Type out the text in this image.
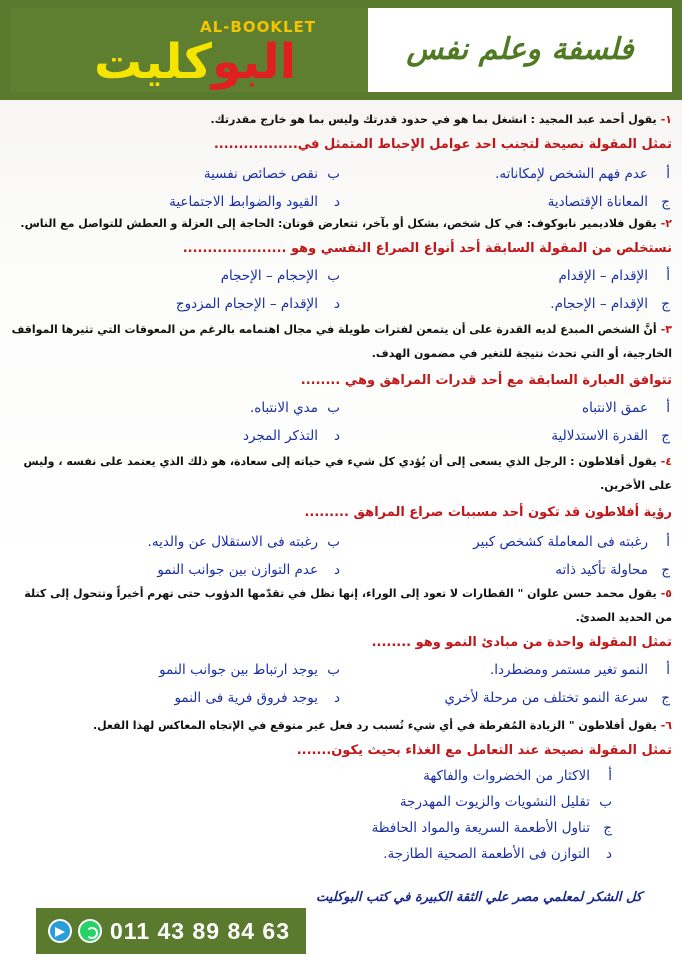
AL-BOOKLET
البوكليت	فلسفة وعلم نفس
١-يقول أحمد عبد المجيد : انشغل بما هو في حدود قدرتك وليس بما هو خارج مقدرتك.
تمثل المقولة نصيحة لتجنب احد عوامل الإحباط المتمثل في.................
أعدم فهم الشخص لإمكاناته.
بنقص خصائص نفسية
جالمعاناة الإقتصادية
دالقيود والضوابط الاجتماعية
٢-يقول فلاديمير نابوكوف: في كل شخص، بشكل أو بآخر، تتعارض قوتان: الحاجة إلى العزلة و العطش للتواصل مع الناس.
نستخلص من المقولة السابقة أحد أنواع الصراع النفسي وهو .....................
أالإقدام – الإقدام
بالإحجام – الإحجام
جالإقدام – الإحجام.
دالإقدام – الإحجام المزدوج
٣-أنَّ الشخص المبدع لديه القدرة على أن يتمعن لفترات طويلة في مجال اهتمامه بالرغم من المعوقات التي تثيرها المواقف الخارجية، أو التي تحدث نتيجة للتغير في مضمون الهدف.
تتوافق العبارة السابقة مع أحد قدرات المراهق وهي ........
أعمق الانتباه
بمدي الانتباه.
جالقدرة الاستدلالية
دالتذكر المجرد
٤-يقول أفلاطون : الرجل الذي يسعى إلى أن يُؤدي كل شيء في حياته إلى سعادة، هو ذلك الذي يعتمد على نفسه ، وليس على الأخرين.
رؤية أفلاطون قد تكون أحد مسببات صراع المراهق .........
أرغبته فى المعاملة كشخص كبير
برغبته فى الاستقلال عن والديه.
جمحاولة تأكيد ذاته
دعدم التوازن بين جوانب النمو
٥-يقول محمد حسن علوان " القطارات لا تعود إلى الوراء، إنها تظل في تقدّمها الدؤوب حتى تهرم أخيراً وتتحول إلى كتلة من الحديد الصدئ.
تمثل المقولة واحدة من مبادئ النمو وهو ........
أالنمو تغير مستمر ومضطردا.
بيوجد ارتباط بين جوانب النمو
جسرعة النمو تختلف من مرحلة لأخري
ديوجد فروق فرية فى النمو
٦-يقول أفلاطون " الزيادة المُفرطة في أي شيء تُسبب رد فعل غير متوقع في الإتجاه المعاكس لهذا الفعل.
تمثل المقولة نصيحة عند التعامل مع الغذاء بحيث يكون.......
أالاكثار من الخضروات والفاكهة
بتقليل النشويات والزيوت المهدرجة
جتناول الأطعمة السريعة والمواد الحافظة
دالتوازن فى الأطعمة الصحية الطازجة.
كل الشكر لمعلمي مصر علي الثقة الكبيرة في كتب البوكليت
011 43 89 84 63
